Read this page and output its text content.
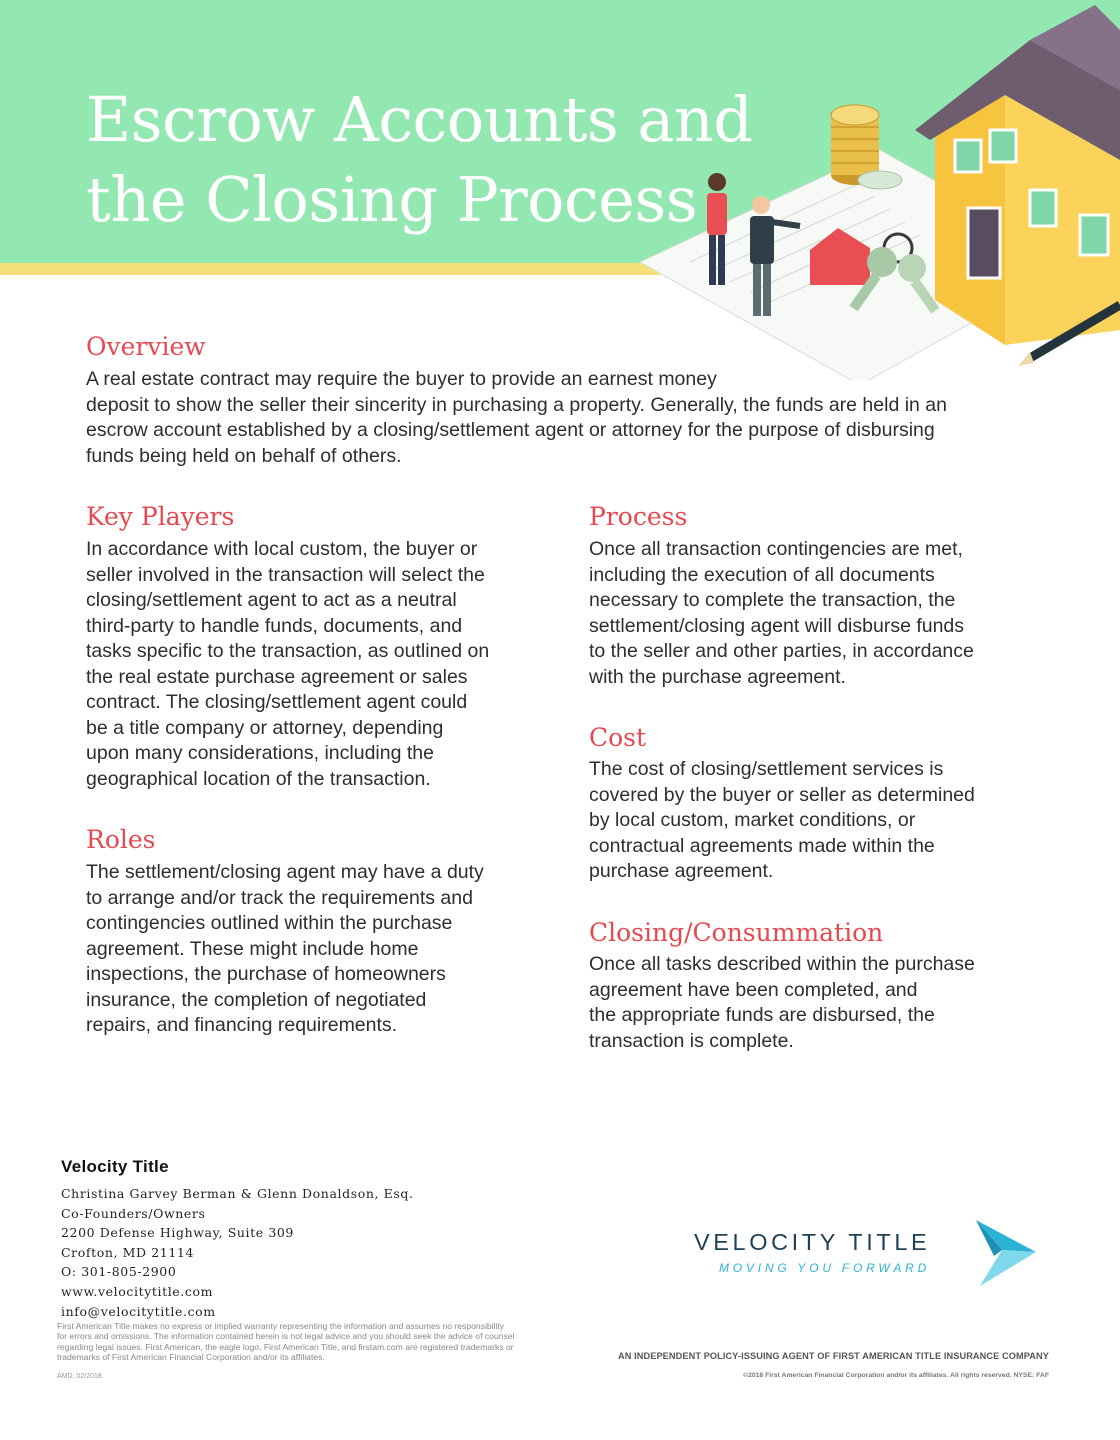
Escrow Accounts and
the Closing Process
Overview

A real estate contract may require the buyer to provide an earnest money
deposit to show the seller their sincerity in purchasing a property. Generally, the funds are held in an
escrow account established by a closing/settlement agent or attorney for the purpose of disbursing
funds being held on behalf of others.

Key Players

In accordance with local custom, the buyer or
seller involved in the transaction will select the
closing/settlement agent to act as a neutral
third-party to handle funds, documents, and
tasks specific to the transaction, as outlined on
the real estate purchase agreement or sales
contract. The closing/settlement agent could
be a title company or attorney, depending
upon many considerations, including the
geographical location of the transaction.

Roles

The settlement/closing agent may have a duty
to arrange and/or track the requirements and
contingencies outlined within the purchase
agreement. These might include home
inspections, the purchase of homeowners
insurance, the completion of negotiated
repairs, and financing requirements.

Process

Once all transaction contingencies are met,
including the execution of all documents
necessary to complete the transaction, the
settlement/closing agent will disburse funds
to the seller and other parties, in accordance
with the purchase agreement.

Cost

The cost of closing/settlement services is
covered by the buyer or seller as determined
by local custom, market conditions, or
contractual agreements made within the
purchase agreement.

Closing/Consummation

Once all tasks described within the purchase
agreement have been completed, and
the appropriate funds are disbursed, the
transaction is complete.

Velocity Title
Christina Garvey Berman & Glenn Donaldson, Esq.
Co-Founders/Owners
2200 Defense Highway, Suite 309
Crofton, MD 21114
O: 301-805-2900
www.velocitytitle.com
info@velocitytitle.com

First American Title makes no express or implied warranty representing the information and assumes no responsibility
for errors and omissions. The information contained herein is not legal advice and you should seek the advice of counsel
regarding legal issues. First American, the eagle logo, First American Title, and firstam.com are registered trademarks or
trademarks of First American Financial Corporation and/or its affiliates.

AMD: 02/2018
VELOCITY TITLE
MOVING YOU FORWARD
AN INDEPENDENT POLICY-ISSUING AGENT OF FIRST AMERICAN TITLE INSURANCE COMPANY
©2018 First American Financial Corporation and/or its affiliates. All rights reserved. NYSE: FAF
